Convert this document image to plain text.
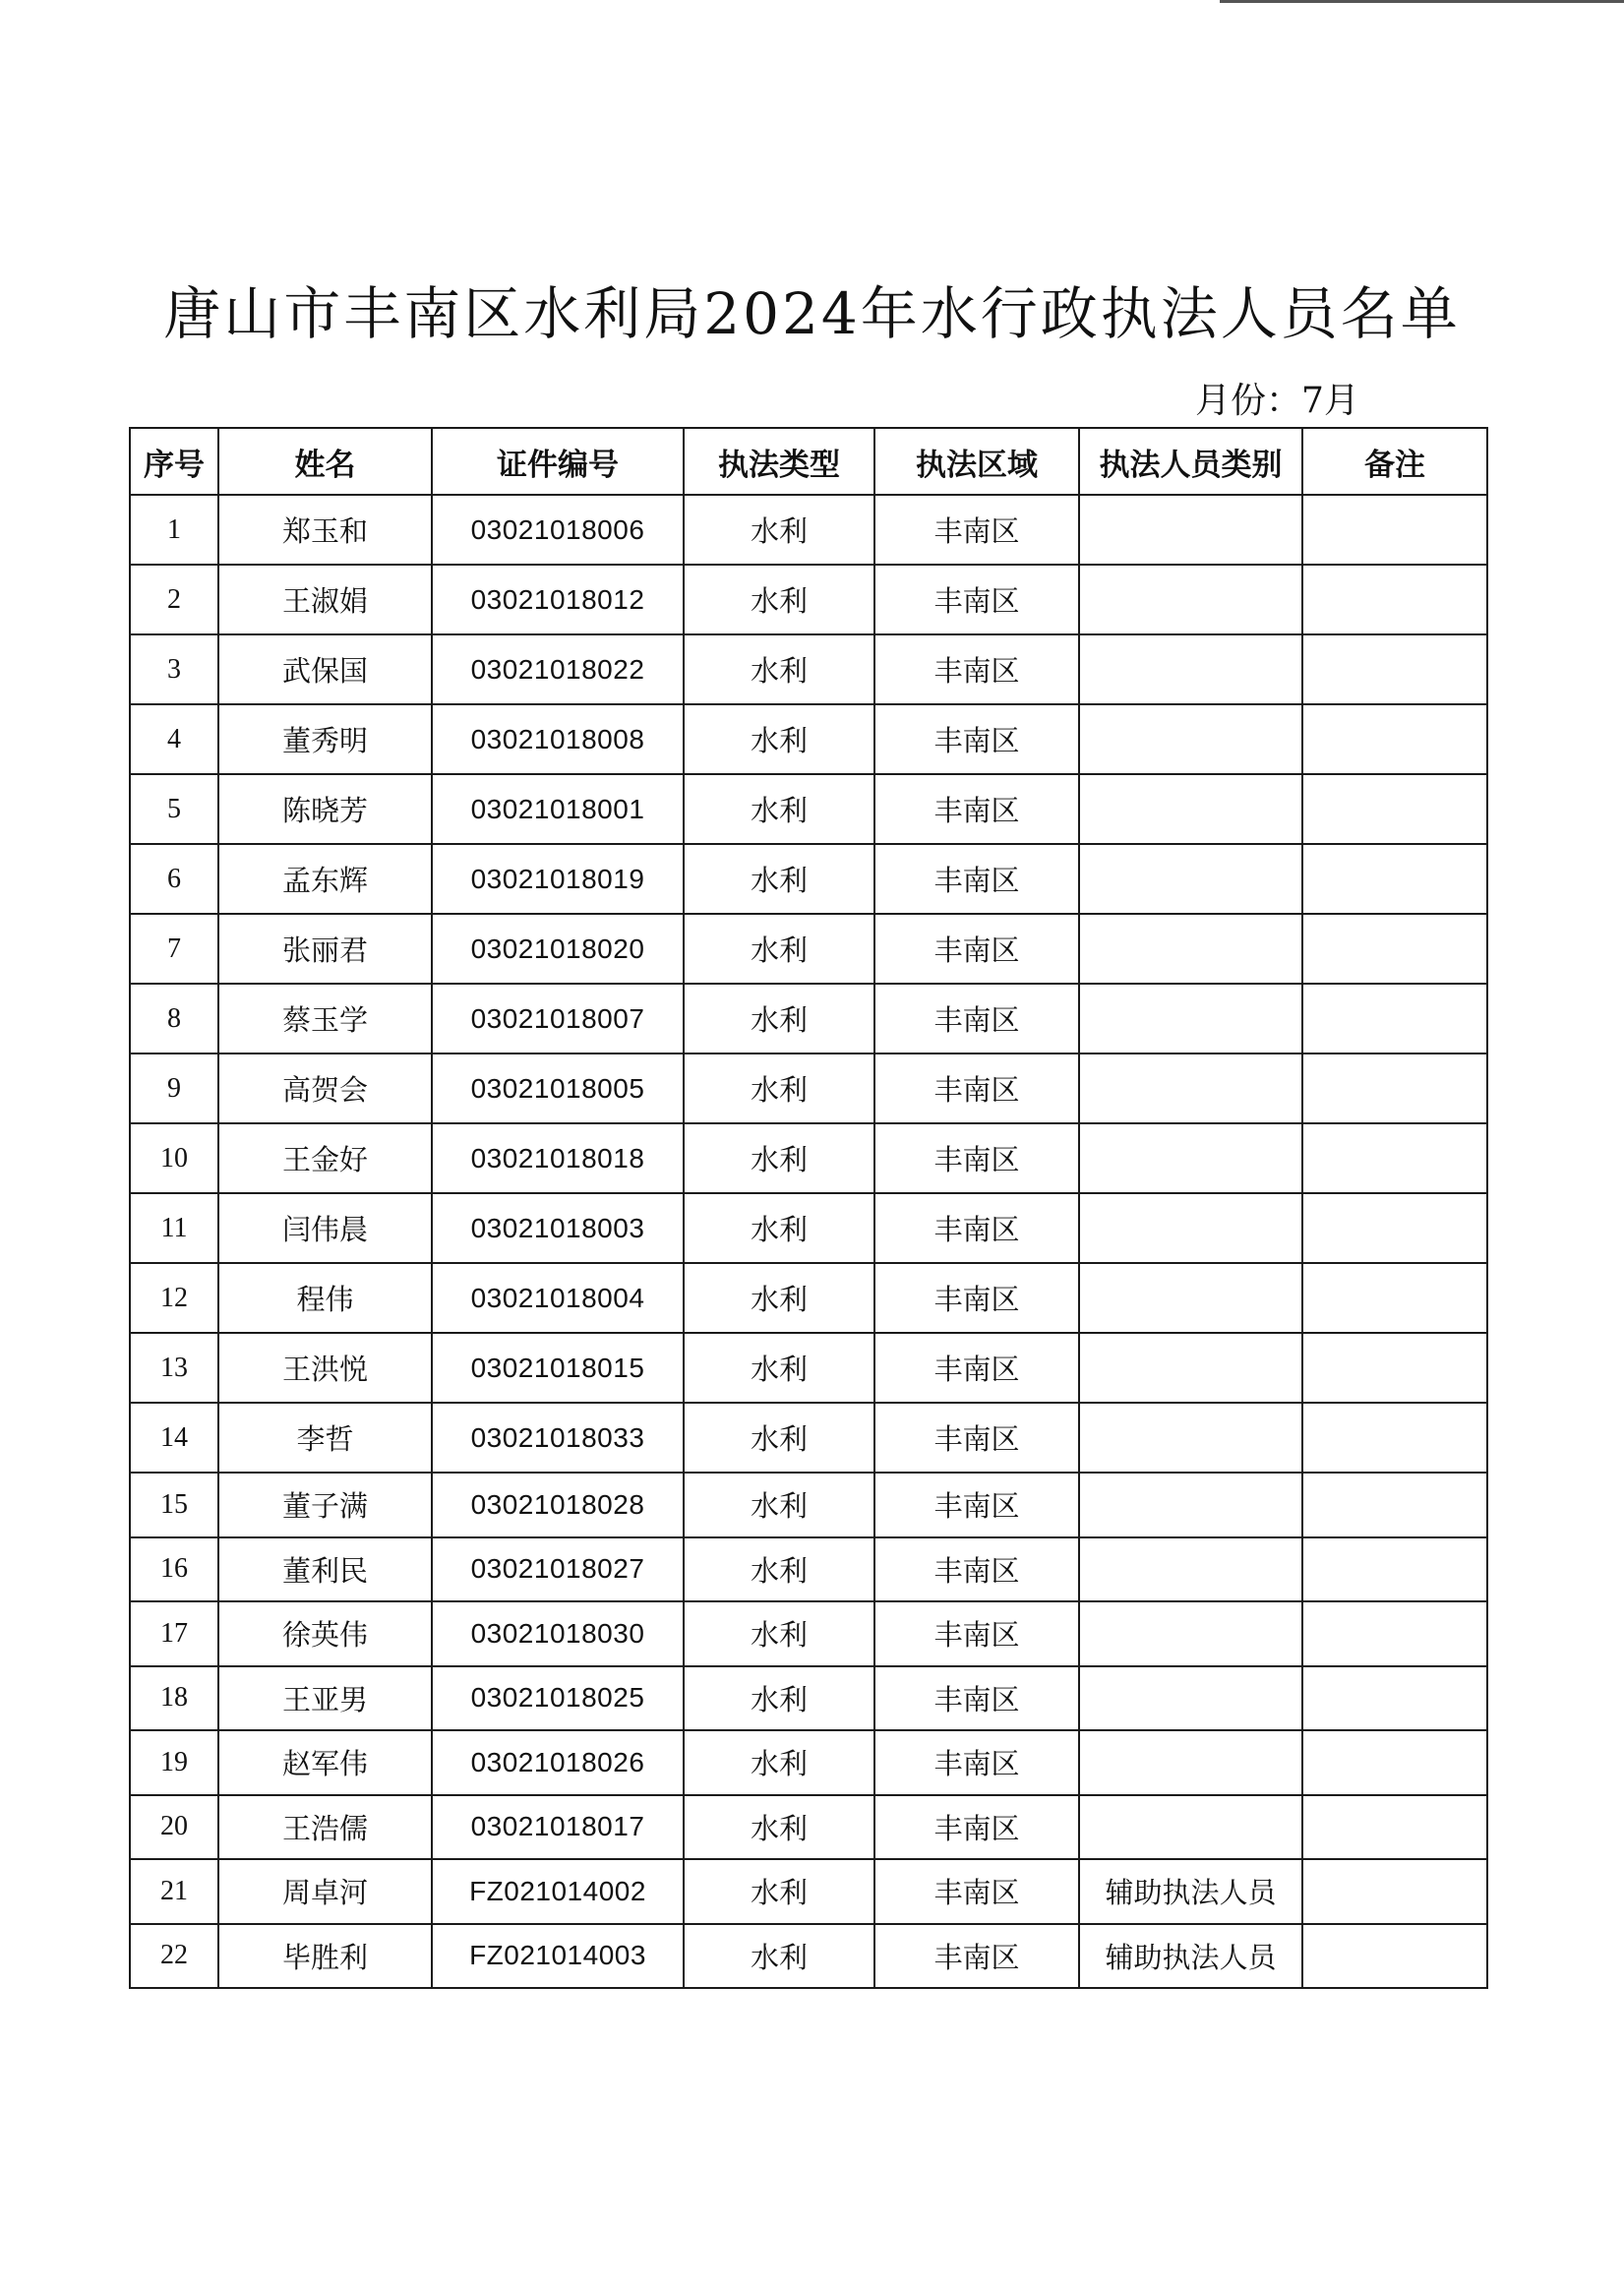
唐山市丰南区水利局2024年水行政执法人员名单
月份：7月
序号	姓名	证件编号	执法类型	执法区域	执法人员类别	备注
1	郑玉和	03021018006	水利	丰南区		
2	王淑娟	03021018012	水利	丰南区		
3	武保国	03021018022	水利	丰南区		
4	董秀明	03021018008	水利	丰南区		
5	陈晓芳	03021018001	水利	丰南区		
6	孟东辉	03021018019	水利	丰南区		
7	张丽君	03021018020	水利	丰南区		
8	蔡玉学	03021018007	水利	丰南区		
9	高贺会	03021018005	水利	丰南区		
10	王金好	03021018018	水利	丰南区		
11	闫伟晨	03021018003	水利	丰南区		
12	程伟	03021018004	水利	丰南区		
13	王洪悦	03021018015	水利	丰南区		
14	李哲	03021018033	水利	丰南区		
15	董子满	03021018028	水利	丰南区		
16	董利民	03021018027	水利	丰南区		
17	徐英伟	03021018030	水利	丰南区		
18	王亚男	03021018025	水利	丰南区		
19	赵军伟	03021018026	水利	丰南区		
20	王浩儒	03021018017	水利	丰南区		
21	周卓河	FZ021014002	水利	丰南区	辅助执法人员	
22	毕胜利	FZ021014003	水利	丰南区	辅助执法人员	
